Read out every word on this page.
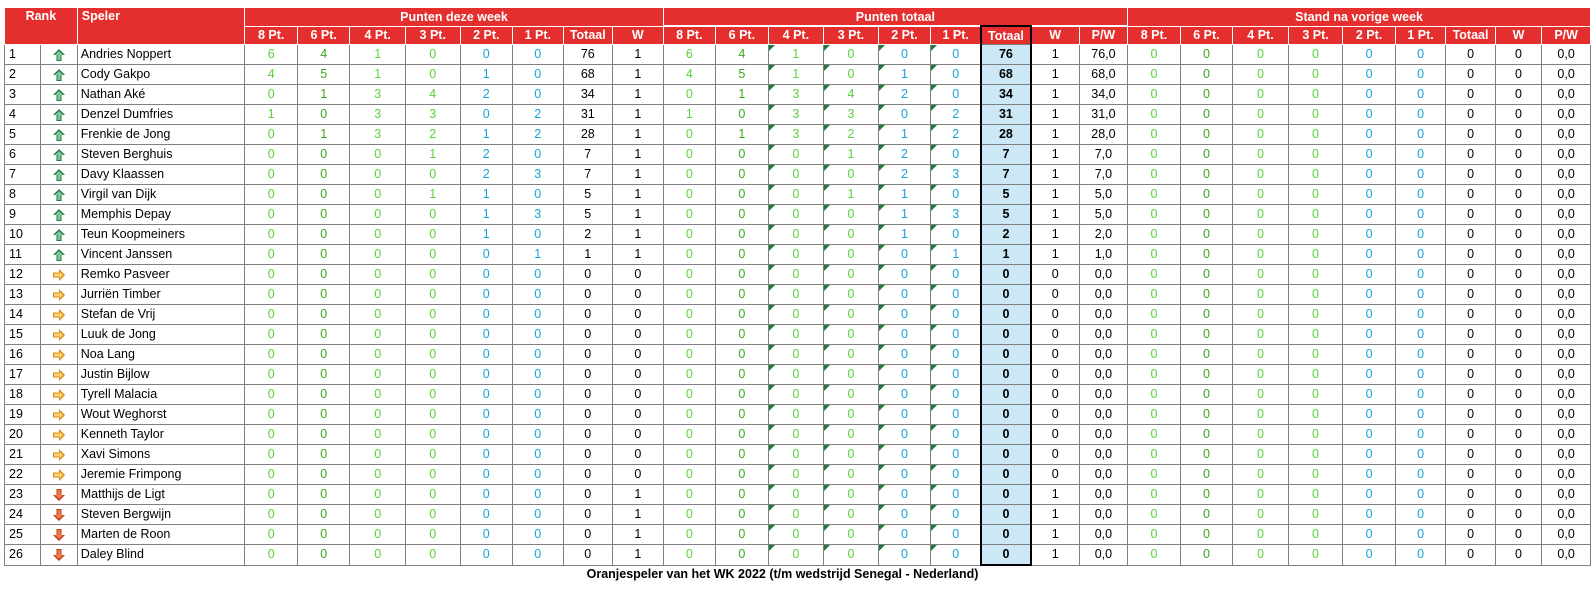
Rank		Speler	Punten deze week								Punten totaal									Stand na vorige week								
			8 Pt.	6 Pt.	4 Pt.	3 Pt.	2 Pt.	1 Pt.	Totaal	W	8 Pt.	6 Pt.	4 Pt.	3 Pt.	2 Pt.	1 Pt.	Totaal	W	P/W	8 Pt.	6 Pt.	4 Pt.	3 Pt.	2 Pt.	1 Pt.	Totaal	W	P/W
1		Andries Noppert	6	4	1	0	0	0	76	1	6	4	1	0	0	0	76	1	76,0	0	0	0	0	0	0	0	0	0,0
2		Cody Gakpo	4	5	1	0	1	0	68	1	4	5	1	0	1	0	68	1	68,0	0	0	0	0	0	0	0	0	0,0
3		Nathan Aké	0	1	3	4	2	0	34	1	0	1	3	4	2	0	34	1	34,0	0	0	0	0	0	0	0	0	0,0
4		Denzel Dumfries	1	0	3	3	0	2	31	1	1	0	3	3	0	2	31	1	31,0	0	0	0	0	0	0	0	0	0,0
5		Frenkie de Jong	0	1	3	2	1	2	28	1	0	1	3	2	1	2	28	1	28,0	0	0	0	0	0	0	0	0	0,0
6		Steven Berghuis	0	0	0	1	2	0	7	1	0	0	0	1	2	0	7	1	7,0	0	0	0	0	0	0	0	0	0,0
7		Davy Klaassen	0	0	0	0	2	3	7	1	0	0	0	0	2	3	7	1	7,0	0	0	0	0	0	0	0	0	0,0
8		Virgil van Dijk	0	0	0	1	1	0	5	1	0	0	0	1	1	0	5	1	5,0	0	0	0	0	0	0	0	0	0,0
9		Memphis Depay	0	0	0	0	1	3	5	1	0	0	0	0	1	3	5	1	5,0	0	0	0	0	0	0	0	0	0,0
10		Teun Koopmeiners	0	0	0	0	1	0	2	1	0	0	0	0	1	0	2	1	2,0	0	0	0	0	0	0	0	0	0,0
11		Vincent Janssen	0	0	0	0	0	1	1	1	0	0	0	0	0	1	1	1	1,0	0	0	0	0	0	0	0	0	0,0
12		Remko Pasveer	0	0	0	0	0	0	0	0	0	0	0	0	0	0	0	0	0,0	0	0	0	0	0	0	0	0	0,0
13		Jurriën Timber	0	0	0	0	0	0	0	0	0	0	0	0	0	0	0	0	0,0	0	0	0	0	0	0	0	0	0,0
14		Stefan de Vrij	0	0	0	0	0	0	0	0	0	0	0	0	0	0	0	0	0,0	0	0	0	0	0	0	0	0	0,0
15		Luuk de Jong	0	0	0	0	0	0	0	0	0	0	0	0	0	0	0	0	0,0	0	0	0	0	0	0	0	0	0,0
16		Noa Lang	0	0	0	0	0	0	0	0	0	0	0	0	0	0	0	0	0,0	0	0	0	0	0	0	0	0	0,0
17		Justin Bijlow	0	0	0	0	0	0	0	0	0	0	0	0	0	0	0	0	0,0	0	0	0	0	0	0	0	0	0,0
18		Tyrell Malacia	0	0	0	0	0	0	0	0	0	0	0	0	0	0	0	0	0,0	0	0	0	0	0	0	0	0	0,0
19		Wout Weghorst	0	0	0	0	0	0	0	0	0	0	0	0	0	0	0	0	0,0	0	0	0	0	0	0	0	0	0,0
20		Kenneth Taylor	0	0	0	0	0	0	0	0	0	0	0	0	0	0	0	0	0,0	0	0	0	0	0	0	0	0	0,0
21		Xavi Simons	0	0	0	0	0	0	0	0	0	0	0	0	0	0	0	0	0,0	0	0	0	0	0	0	0	0	0,0
22		Jeremie Frimpong	0	0	0	0	0	0	0	0	0	0	0	0	0	0	0	0	0,0	0	0	0	0	0	0	0	0	0,0
23		Matthijs de Ligt	0	0	0	0	0	0	0	1	0	0	0	0	0	0	0	1	0,0	0	0	0	0	0	0	0	0	0,0
24		Steven Bergwijn	0	0	0	0	0	0	0	1	0	0	0	0	0	0	0	1	0,0	0	0	0	0	0	0	0	0	0,0
25		Marten de Roon	0	0	0	0	0	0	0	1	0	0	0	0	0	0	0	1	0,0	0	0	0	0	0	0	0	0	0,0
26		Daley Blind	0	0	0	0	0	0	0	1	0	0	0	0	0	0	0	1	0,0	0	0	0	0	0	0	0	0	0,0
Oranjespeler van het WK 2022 (t/m wedstrijd Senegal - Nederland)
